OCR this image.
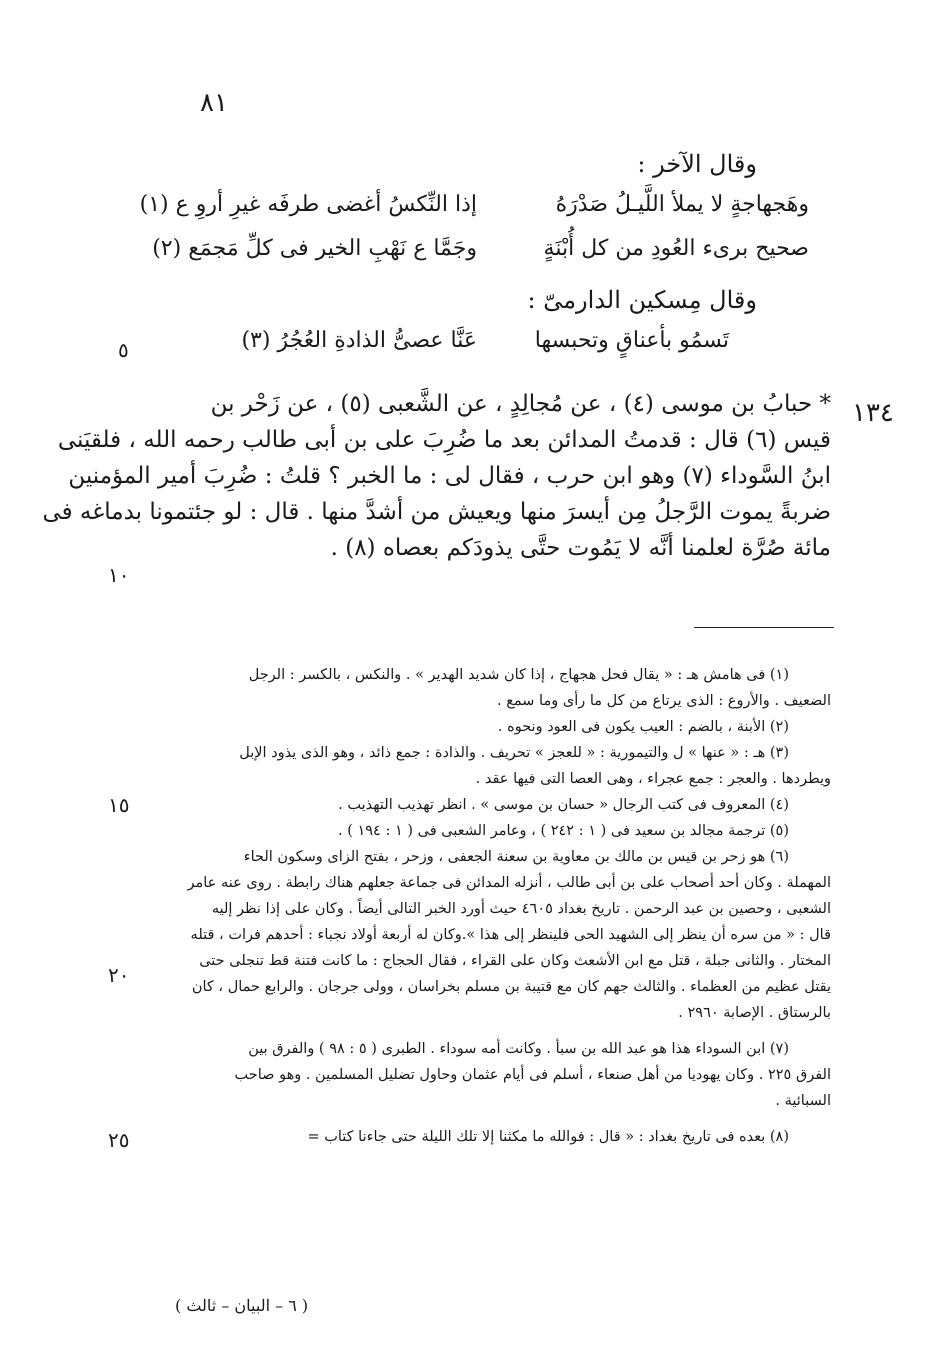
٨١
٥
١٠
١٥
٢٠
٢٥
١٣٤
وقال الآخر :
وهَجهاجةٍ لا يملأ اللَّيـلُ صَدْرَهُ
إذا النِّكسُ أغضى طرفَه غيرِ أروِ ع (١)
صحيح برىء العُودِ من كل أُبْنَةٍ
وجَمَّا ع نَهْبِ الخير فى كلِّ مَجمَع (٢)
وقال مِسكين الدارمىّ :
تَسمُو بأعناقٍ وتحبسها
عَنَّا عصىُّ الذادةِ العُجُرُ (٣)
* حبابُ بن موسى (٤) ، عن مُجالِدٍ ، عن الشَّعبى (٥) ، عن زَحْر بن
قيس (٦) قال : قدمتُ المدائن بعد ما ضُرِبَ على بن أبى طالب رحمه الله ، فلقيَنى
ابنُ السَّوداء (٧) وهو ابن حرب ، فقال لى : ما الخبر ؟ قلتُ : ضُرِبَ أمير المؤمنين
ضربةً يموت الرَّجلُ مِن أيسرَ منها ويعيش من أشدَّ منها . قال : لو جئتمونا بدماغه فى
مائة صُرَّة لعلمنا أنَّه لا يَمُوت حتَّى يذودَكم بعصاه (٨) .
(١) فى هامش هـ : « يقال فحل هجهاج ، إذا كان شديد الهدير » . والنكس ، بالكسر : الرجل
الضعيف . والأروع : الذى يرتاع من كل ما رأى وما سمع .
(٢) الأبنة ، بالضم : العيب يكون فى العود ونحوه .
(٣) هـ : « عنها » ل والتيمورية : « للعجز » تحريف . والذادة : جمع ذائد ، وهو الذى يذود الإبل
ويطردها . والعجر : جمع عجراء ، وهى العصا التى فيها عقد .
(٤) المعروف فى كتب الرجال « حسان بن موسى » . انظر تهذيب التهذيب .
(٥) ترجمة مجالد بن سعيد فى ( ١ : ٢٤٢ ) ، وعامر الشعبى فى ( ١ : ١٩٤ ) .
(٦) هو زحر بن قيس بن مالك بن معاوية بن سعنة الجعفى ، وزحر ، بفتح الزاى وسكون الحاء
المهملة . وكان أحد أصحاب على بن أبى طالب ، أنزله المدائن فى جماعة جعلهم هناك رابطة . روى عنه عامر
الشعبى ، وحصين بن عبد الرحمن . تاريخ بغداد ٤٦٠٥ حيث أورد الخبر التالى أيضاً . وكان على إذا نظر إليه
قال : « من سره أن ينظر إلى الشهيد الحى فلينظر إلى هذا ».وكان له أربعة أولاد نجباء : أحدهم فرات ، قتله
المختار . والثانى جبلة ، قتل مع ابن الأشعث وكان على القراء ، فقال الحجاج : ما كانت فتنة قط تنجلى حتى
يقتل عظيم من العظماء . والثالث جهم كان مع قتيبة بن مسلم بخراسان ، وولى جرجان . والرابع حمال ، كان
بالرستاق . الإصابة ٢٩٦٠ .
(٧) ابن السوداء هذا هو عبد الله بن سبأ . وكانت أمه سوداء . الطبرى ( ٥ : ٩٨ ) والفرق بين
الفرق ٢٢٥ . وكان يهوديا من أهل صنعاء ، أسلم فى أيام عثمان وحاول تضليل المسلمين . وهو صاحب
السبائية .
(٨) بعده فى تاريخ بغداد : « قال : فوالله ما مكثنا إلا تلك الليلة حتى جاءنا كتاب =
( ٦ – البيان – ثالث )
